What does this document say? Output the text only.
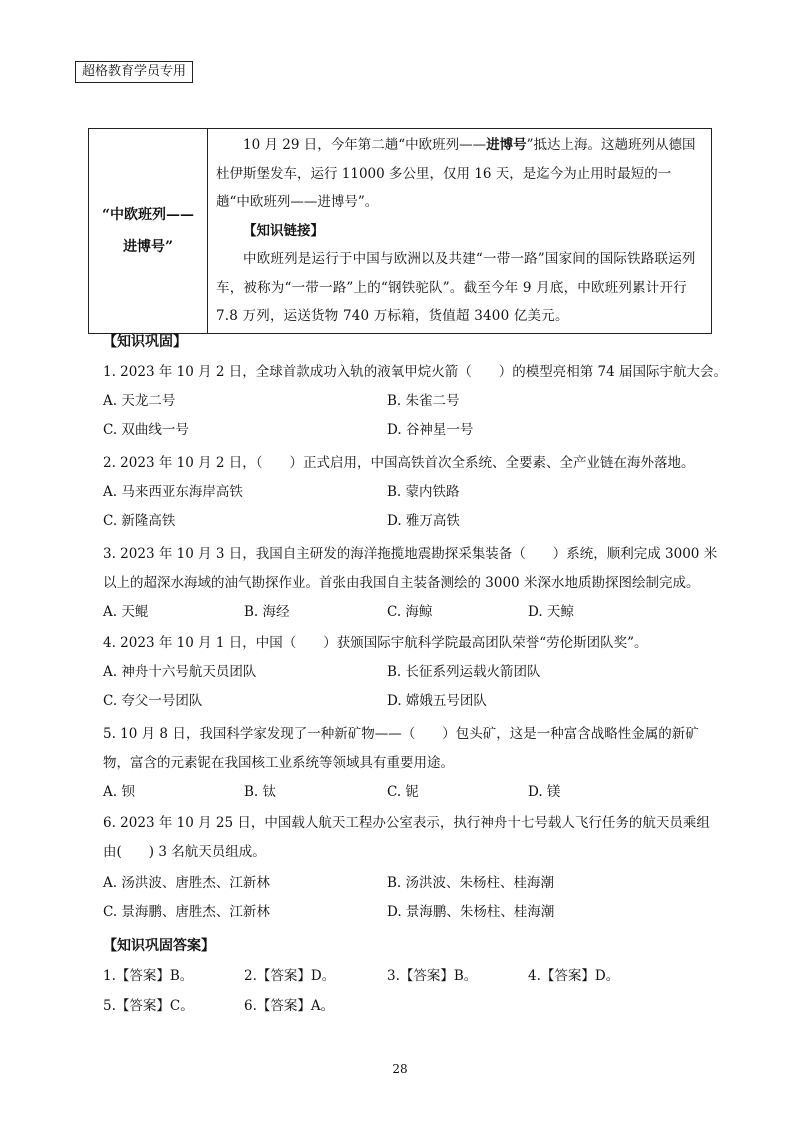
超格教育学员专用
“中欧班列——
进博号”

10 月 29 日，今年第二趟“中欧班列——进博号”抵达上海。这趟班列从德国杜伊斯堡发车，运行 11000 多公里，仅用 16 天，是迄今为止用时最短的一趟“中欧班列——进博号”。

【知识链接】

中欧班列是运行于中国与欧洲以及共建“一带一路”国家间的国际铁路联运列车，被称为“一带一路”上的“钢铁驼队”。截至今年 9 月底，中欧班列累计开行 7.8 万列，运送货物 740 万标箱，货值超 3400 亿美元。

【知识巩固】

1. 2023 年 10 月 2 日，全球首款成功入轨的液氧甲烷火箭（　　）的模型亮相第 74 届国际宇航大会。

A. 天龙二号	B. 朱雀二号
C. 双曲线一号	D. 谷神星一号

2. 2023 年 10 月 2 日，（　　）正式启用，中国高铁首次全系统、全要素、全产业链在海外落地。

A. 马来西亚东海岸高铁	B. 蒙内铁路
C. 新隆高铁	D. 雅万高铁

3. 2023 年 10 月 3 日，我国自主研发的海洋拖揽地震勘探采集装备（　　）系统，顺利完成 3000 米以上的超深水海域的油气勘探作业。首张由我国自主装备测绘的 3000 米深水地质勘探图绘制完成。

A. 天鲲	B. 海经	C. 海鲸	D. 天鲸

4. 2023 年 10 月 1 日，中国（　　）获颁国际宇航科学院最高团队荣誉“劳伦斯团队奖”。

A. 神舟十六号航天员团队	B. 长征系列运载火箭团队
C. 夸父一号团队	D. 嫦娥五号团队

5. 10 月 8 日，我国科学家发现了一种新矿物——（　　）包头矿，这是一种富含战略性金属的新矿物，富含的元素铌在我国核工业系统等领域具有重要用途。

A. 钡	B. 钛	C. 铌	D. 镁

6. 2023 年 10 月 25 日，中国载人航天工程办公室表示，执行神舟十七号载人飞行任务的航天员乘组由(　　) 3 名航天员组成。

A. 汤洪波、唐胜杰、江新林	B. 汤洪波、朱杨柱、桂海潮
C. 景海鹏、唐胜杰、江新林	D. 景海鹏、朱杨柱、桂海潮
【知识巩固答案】
1.【答案】B。	2.【答案】D。	3.【答案】B。	4.【答案】D。
5.【答案】C。	6.【答案】A。
28
